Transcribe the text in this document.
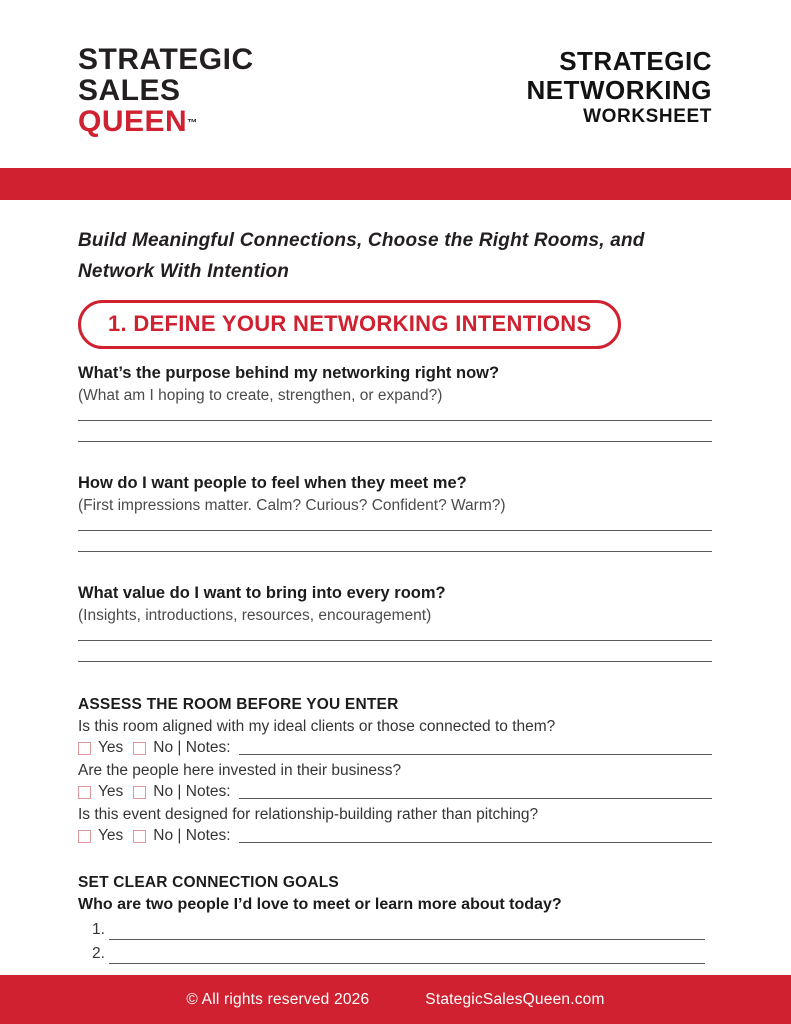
STRATEGIC
SALES
QUEEN™
STRATEGIC
NETWORKING
WORKSHEET
Build Meaningful Connections, Choose the Right Rooms, and
Network With Intention
1. DEFINE YOUR NETWORKING INTENTIONS
What’s the purpose behind my networking right now?
(What am I hoping to create, strengthen, or expand?)
How do I want people to feel when they meet me?
(First impressions matter. Calm? Curious? Confident? Warm?)
What value do I want to bring into every room?
(Insights, introductions, resources, encouragement)
ASSESS THE ROOM BEFORE YOU ENTER
Is this room aligned with my ideal clients or those connected to them?
Yes No | Notes:
Are the people here invested in their business?
Yes No | Notes:
Is this event designed for relationship-building rather than pitching?
Yes No | Notes:
SET CLEAR CONNECTION GOALS
Who are two people I’d love to meet or learn more about today?
1.
2.
© All rights reserved 2026	StategicSalesQueen.com
